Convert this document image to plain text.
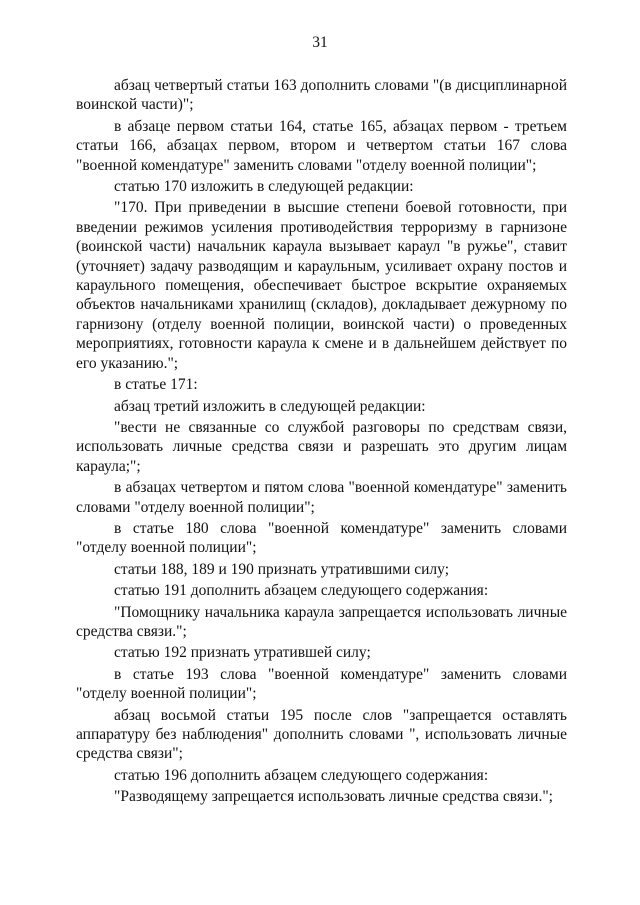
31

абзац четвертый статьи 163 дополнить словами "(в дисциплинарной воинской части)";

в абзаце первом статьи 164, статье 165, абзацах первом - третьем статьи 166, абзацах первом, втором и четвертом статьи 167 слова "военной комендатуре" заменить словами "отделу военной полиции";

статью 170 изложить в следующей редакции:

"170. При приведении в высшие степени боевой готовности, при введении режимов усиления противодействия терроризму в гарнизоне (воинской части) начальник караула вызывает караул "в ружье", ставит (уточняет) задачу разводящим и караульным, усиливает охрану постов и караульного помещения, обеспечивает быстрое вскрытие охраняемых объектов начальниками хранилищ (складов), докладывает дежурному по гарнизону (отделу военной полиции, воинской части) о проведенных мероприятиях, готовности караула к смене и в дальнейшем действует по его указанию.";

в статье 171:

абзац третий изложить в следующей редакции:

"вести не связанные со службой разговоры по средствам связи, использовать личные средства связи и разрешать это другим лицам караула;";

в абзацах четвертом и пятом слова "военной комендатуре" заменить словами "отделу военной полиции";

в статье 180 слова "военной комендатуре" заменить словами "отделу военной полиции";

статьи 188, 189 и 190 признать утратившими силу;

статью 191 дополнить абзацем следующего содержания:

"Помощнику начальника караула запрещается использовать личные средства связи.";

статью 192 признать утратившей силу;

в статье 193 слова "военной комендатуре" заменить словами "отделу военной полиции";

абзац восьмой статьи 195 после слов "запрещается оставлять аппаратуру без наблюдения" дополнить словами ", использовать личные средства связи";

статью 196 дополнить абзацем следующего содержания:

"Разводящему запрещается использовать личные средства связи.";
